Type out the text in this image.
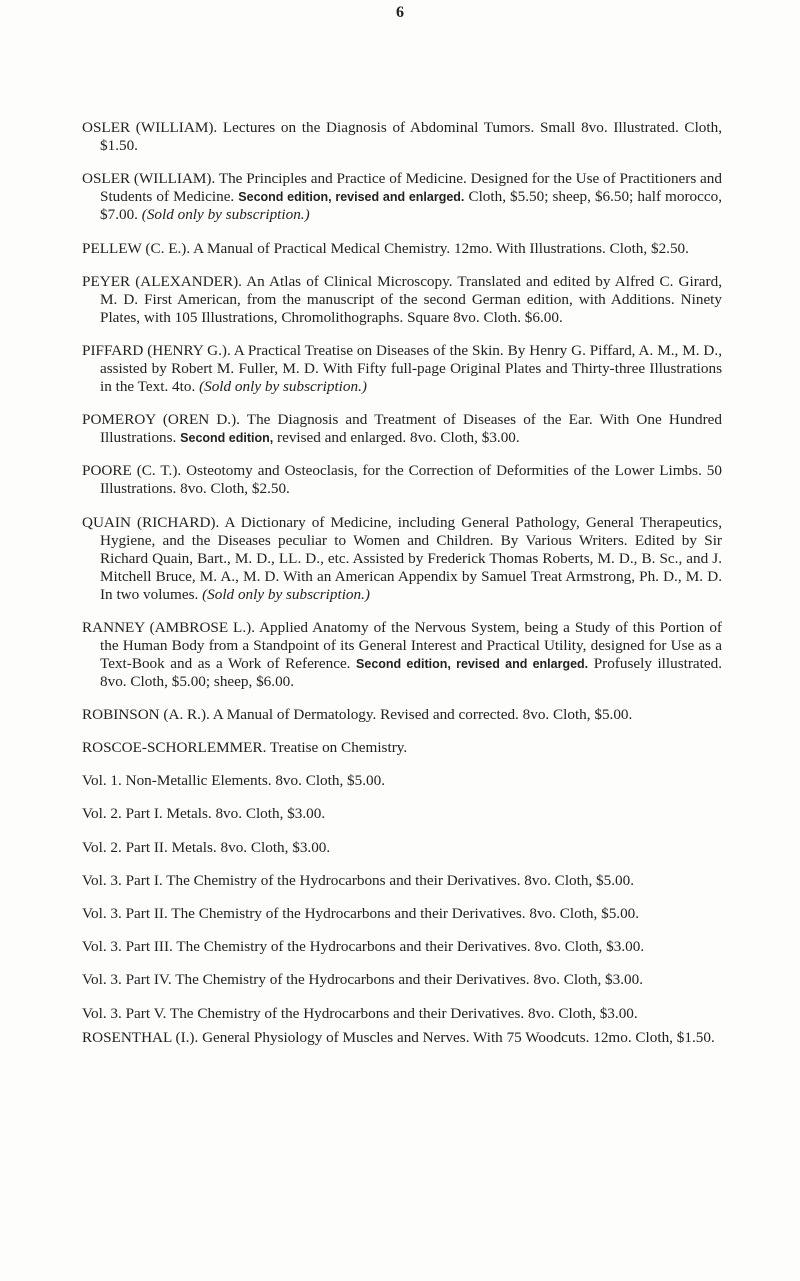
6

OSLER (WILLIAM). Lectures on the Diagnosis of Abdominal Tumors. Small 8vo. Illustrated. Cloth, $1.50.

OSLER (WILLIAM). The Principles and Practice of Medicine. Designed for the Use of Practitioners and Students of Medicine. Second edition, revised and enlarged. Cloth, $5.50; sheep, $6.50; half morocco, $7.00. (Sold only by subscription.)

PELLEW (C. E.). A Manual of Practical Medical Chemistry. 12mo. With Illustrations. Cloth, $2.50.

PEYER (ALEXANDER). An Atlas of Clinical Microscopy. Translated and edited by Alfred C. Girard, M. D. First American, from the manuscript of the second German edition, with Additions. Ninety Plates, with 105 Illustrations, Chromolithographs. Square 8vo. Cloth. $6.00.

PIFFARD (HENRY G.). A Practical Treatise on Diseases of the Skin. By Henry G. Piffard, A. M., M. D., assisted by Robert M. Fuller, M. D. With Fifty full-page Original Plates and Thirty-three Illustrations in the Text. 4to. (Sold only by subscription.)

POMEROY (OREN D.). The Diagnosis and Treatment of Diseases of the Ear. With One Hundred Illustrations. Second edition, revised and enlarged. 8vo. Cloth, $3.00.

POORE (C. T.). Osteotomy and Osteoclasis, for the Correction of Deformities of the Lower Limbs. 50 Illustrations. 8vo. Cloth, $2.50.

QUAIN (RICHARD). A Dictionary of Medicine, including General Pathology, General Therapeutics, Hygiene, and the Diseases peculiar to Women and Children. By Various Writers. Edited by Sir Richard Quain, Bart., M. D., LL. D., etc. Assisted by Frederick Thomas Roberts, M. D., B. Sc., and J. Mitchell Bruce, M. A., M. D. With an American Appendix by Samuel Treat Armstrong, Ph. D., M. D. In two volumes. (Sold only by subscription.)

RANNEY (AMBROSE L.). Applied Anatomy of the Nervous System, being a Study of this Portion of the Human Body from a Standpoint of its General Interest and Practical Utility, designed for Use as a Text-Book and as a Work of Reference. Second edition, revised and enlarged. Profusely illustrated. 8vo. Cloth, $5.00; sheep, $6.00.

ROBINSON (A. R.). A Manual of Dermatology. Revised and corrected. 8vo. Cloth, $5.00.

ROSCOE-SCHORLEMMER. Treatise on Chemistry.

Vol. 1. Non-Metallic Elements. 8vo. Cloth, $5.00.

Vol. 2. Part I. Metals. 8vo. Cloth, $3.00.

Vol. 2. Part II. Metals. 8vo. Cloth, $3.00.

Vol. 3. Part I. The Chemistry of the Hydrocarbons and their Derivatives. 8vo. Cloth, $5.00.

Vol. 3. Part II. The Chemistry of the Hydrocarbons and their Derivatives. 8vo. Cloth, $5.00.

Vol. 3. Part III. The Chemistry of the Hydrocarbons and their Derivatives. 8vo. Cloth, $3.00.

Vol. 3. Part IV. The Chemistry of the Hydrocarbons and their Derivatives. 8vo. Cloth, $3.00.

Vol. 3. Part V. The Chemistry of the Hydrocarbons and their Derivatives. 8vo. Cloth, $3.00.

ROSENTHAL (I.). General Physiology of Muscles and Nerves. With 75 Woodcuts. 12mo. Cloth, $1.50.
